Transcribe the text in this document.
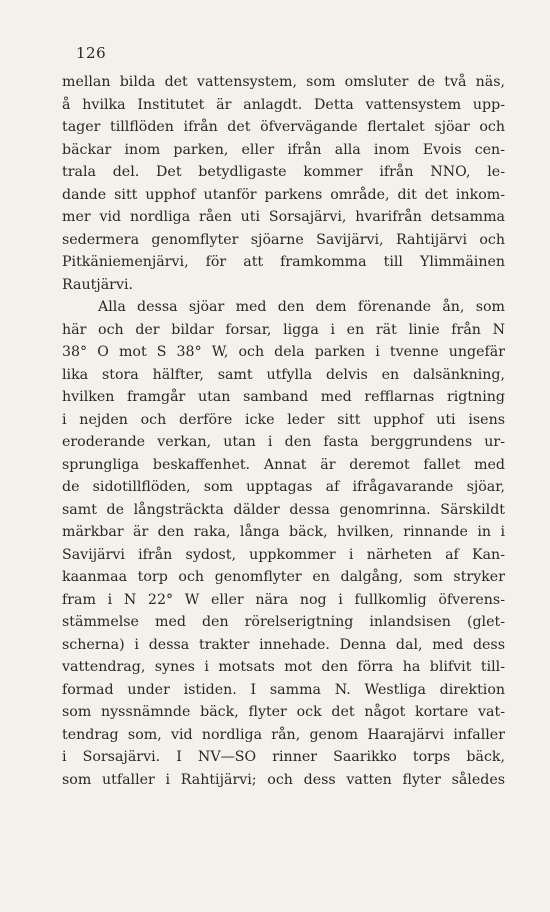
126
mellan bilda det vattensystem, som omsluter de två näs,
å hvilka Institutet är anlagdt. Detta vattensystem upp-
tager tillflöden ifrån det öfvervägande flertalet sjöar och
bäckar inom parken, eller ifrån alla inom Evois cen-
trala del. Det betydligaste kommer ifrån NNO, le-
dande sitt upphof utanför parkens område, dit det inkom-
mer vid nordliga råen uti Sorsajärvi, hvarifrån detsamma
sedermera genomflyter sjöarne Savijärvi, Rahtijärvi och
Pitkäniemenjärvi, för att framkomma till Ylimmäinen
Rautjärvi.
Alla dessa sjöar med den dem förenande ån, som
här och der bildar forsar, ligga i en rät linie från N
38° O mot S 38° W, och dela parken i tvenne ungefär
lika stora hälfter, samt utfylla delvis en dalsänkning,
hvilken framgår utan samband med refflarnas rigtning
i nejden och derföre icke leder sitt upphof uti isens
eroderande verkan, utan i den fasta berggrundens ur-
sprungliga beskaffenhet. Annat är deremot fallet med
de sidotillflöden, som upptagas af ifrågavarande sjöar,
samt de långsträckta dälder dessa genomrinna. Särskildt
märkbar är den raka, långa bäck, hvilken, rinnande in i
Savijärvi ifrån sydost, uppkommer i närheten af Kan-
kaanmaa torp och genomflyter en dalgång, som stryker
fram i N 22° W eller nära nog i fullkomlig öfverens-
stämmelse med den rörelserigtning inlandsisen (glet-
scherna) i dessa trakter innehade. Denna dal, med dess
vattendrag, synes i motsats mot den förra ha blifvit till-
formad under istiden. I samma N. Westliga direktion
som nyssnämnde bäck, flyter ock det något kortare vat-
tendrag som, vid nordliga rån, genom Haarajärvi infaller
i Sorsajärvi. I NV—SO rinner Saarikko torps bäck,
som utfaller i Rahtijärvi; och dess vatten flyter således
